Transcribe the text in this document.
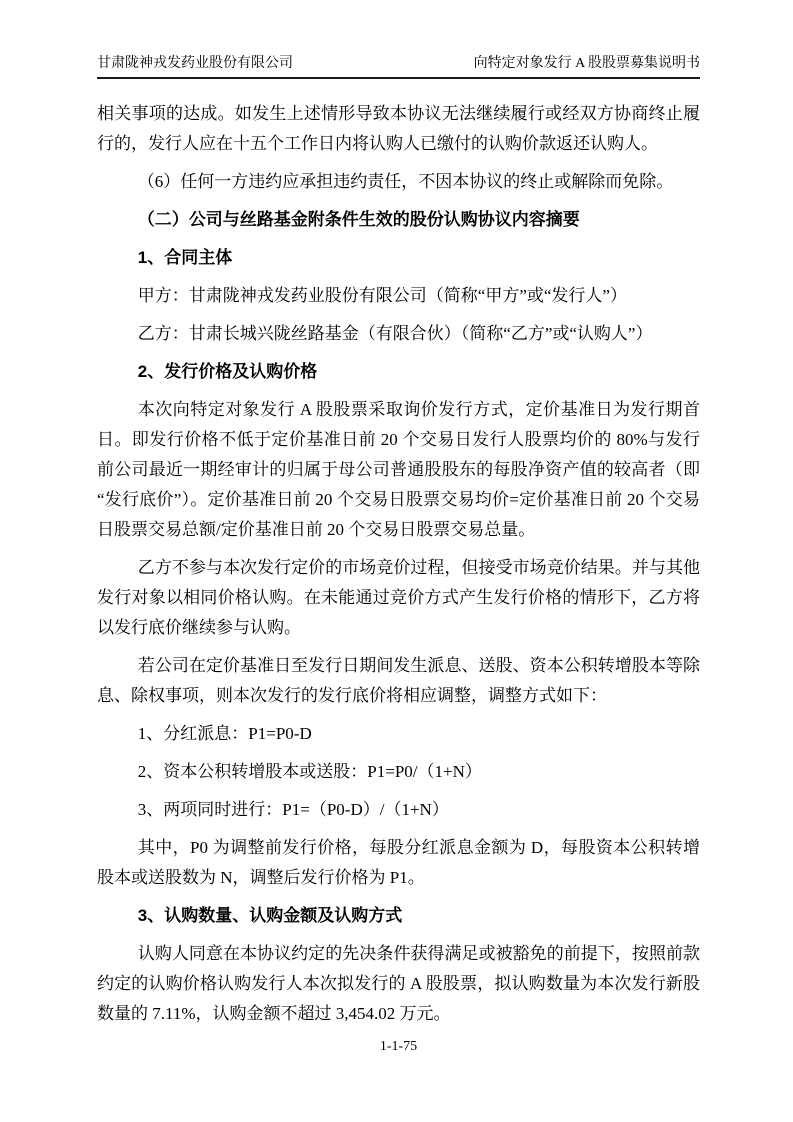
甘肃陇神戎发药业股份有限公司	向特定对象发行 A 股股票募集说明书

相关事项的达成。如发生上述情形导致本协议无法继续履行或经双方协商终止履行的，发行人应在十五个工作日内将认购人已缴付的认购价款返还认购人。

（6）任何一方违约应承担违约责任，不因本协议的终止或解除而免除。

（二）公司与丝路基金附条件生效的股份认购协议内容摘要

1、合同主体

甲方：甘肃陇神戎发药业股份有限公司（简称“甲方”或“发行人”）

乙方：甘肃长城兴陇丝路基金（有限合伙）（简称“乙方”或“认购人”）

2、发行价格及认购价格

本次向特定对象发行 A 股股票采取询价发行方式，定价基准日为发行期首日。即发行价格不低于定价基准日前 20 个交易日发行人股票均价的 80%与发行前公司最近一期经审计的归属于母公司普通股股东的每股净资产值的较高者（即“发行底价”）。定价基准日前 20 个交易日股票交易均价=定价基准日前 20 个交易日股票交易总额/定价基准日前 20 个交易日股票交易总量。

乙方不参与本次发行定价的市场竞价过程，但接受市场竞价结果。并与其他发行对象以相同价格认购。在未能通过竞价方式产生发行价格的情形下，乙方将以发行底价继续参与认购。

若公司在定价基准日至发行日期间发生派息、送股、资本公积转增股本等除息、除权事项，则本次发行的发行底价将相应调整，调整方式如下：

1、分红派息：P1=P0-D

2、资本公积转增股本或送股：P1=P0/（1+N）

3、两项同时进行：P1=（P0-D）/（1+N）

其中，P0 为调整前发行价格，每股分红派息金额为 D，每股资本公积转增股本或送股数为 N，调整后发行价格为 P1。

3、认购数量、认购金额及认购方式

认购人同意在本协议约定的先决条件获得满足或被豁免的前提下，按照前款约定的认购价格认购发行人本次拟发行的 A 股股票，拟认购数量为本次发行新股数量的 7.11%，认购金额不超过 3,454.02 万元。

1-1-75
